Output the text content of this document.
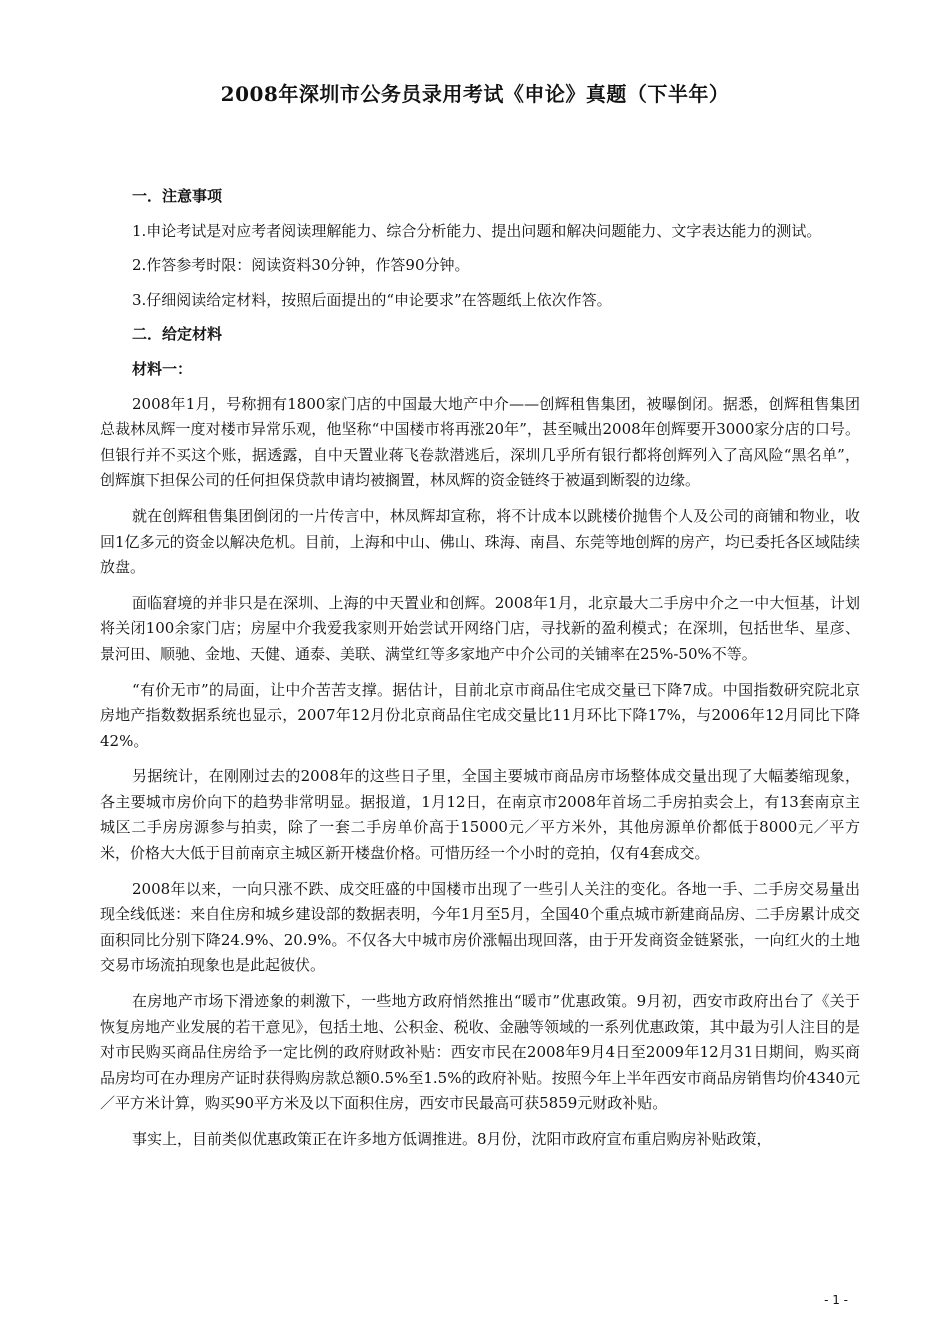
2008年深圳市公务员录用考试《申论》真题（下半年）

一．注意事项

1.申论考试是对应考者阅读理解能力、综合分析能力、提出问题和解决问题能力、文字表达能力的测试。

2.作答参考时限：阅读资料30分钟，作答90分钟。

3.仔细阅读给定材料，按照后面提出的“申论要求”在答题纸上依次作答。

二．给定材料

材料一：

2008年1月，号称拥有1800家门店的中国最大地产中介——创辉租售集团，被曝倒闭。据悉，创辉租售集团总裁林凤辉一度对楼市异常乐观，他坚称“中国楼市将再涨20年”，甚至喊出2008年创辉要开3000家分店的口号。但银行并不买这个账，据透露，自中天置业蒋飞卷款潜逃后，深圳几乎所有银行都将创辉列入了高风险“黑名单”，创辉旗下担保公司的任何担保贷款申请均被搁置，林凤辉的资金链终于被逼到断裂的边缘。

就在创辉租售集团倒闭的一片传言中，林凤辉却宣称，将不计成本以跳楼价抛售个人及公司的商铺和物业，收回1亿多元的资金以解决危机。目前，上海和中山、佛山、珠海、南昌、东莞等地创辉的房产，均已委托各区域陆续放盘。

面临窘境的并非只是在深圳、上海的中天置业和创辉。2008年1月，北京最大二手房中介之一中大恒基，计划将关闭100余家门店；房屋中介我爱我家则开始尝试开网络门店，寻找新的盈利模式；在深圳，包括世华、星彦、景河田、顺驰、金地、天健、通泰、美联、满堂红等多家地产中介公司的关铺率在25%-50%不等。

“有价无市”的局面，让中介苦苦支撑。据估计，目前北京市商品住宅成交量已下降7成。中国指数研究院北京房地产指数数据系统也显示，2007年12月份北京商品住宅成交量比11月环比下降17%，与2006年12月同比下降42%。

另据统计，在刚刚过去的2008年的这些日子里，全国主要城市商品房市场整体成交量出现了大幅萎缩现象，各主要城市房价向下的趋势非常明显。据报道，1月12日，在南京市2008年首场二手房拍卖会上，有13套南京主城区二手房房源参与拍卖，除了一套二手房单价高于15000元／平方米外，其他房源单价都低于8000元／平方米，价格大大低于目前南京主城区新开楼盘价格。可惜历经一个小时的竞拍，仅有4套成交。

2008年以来，一向只涨不跌、成交旺盛的中国楼市出现了一些引人关注的变化。各地一手、二手房交易量出现全线低迷：来自住房和城乡建设部的数据表明，今年1月至5月，全国40个重点城市新建商品房、二手房累计成交面积同比分别下降24.9%、20.9%。不仅各大中城市房价涨幅出现回落，由于开发商资金链紧张，一向红火的土地交易市场流拍现象也是此起彼伏。

在房地产市场下滑迹象的刺激下，一些地方政府悄然推出“暖市”优惠政策。9月初，西安市政府出台了《关于恢复房地产业发展的若干意见》，包括土地、公积金、税收、金融等领域的一系列优惠政策，其中最为引人注目的是对市民购买商品住房给予一定比例的政府财政补贴：西安市民在2008年9月4日至2009年12月31日期间，购买商品房均可在办理房产证时获得购房款总额0.5%至1.5%的政府补贴。按照今年上半年西安市商品房销售均价4340元／平方米计算，购买90平方米及以下面积住房，西安市民最高可获5859元财政补贴。

事实上，目前类似优惠政策正在许多地方低调推进。8月份，沈阳市政府宣布重启购房补贴政策，

- 1 -
